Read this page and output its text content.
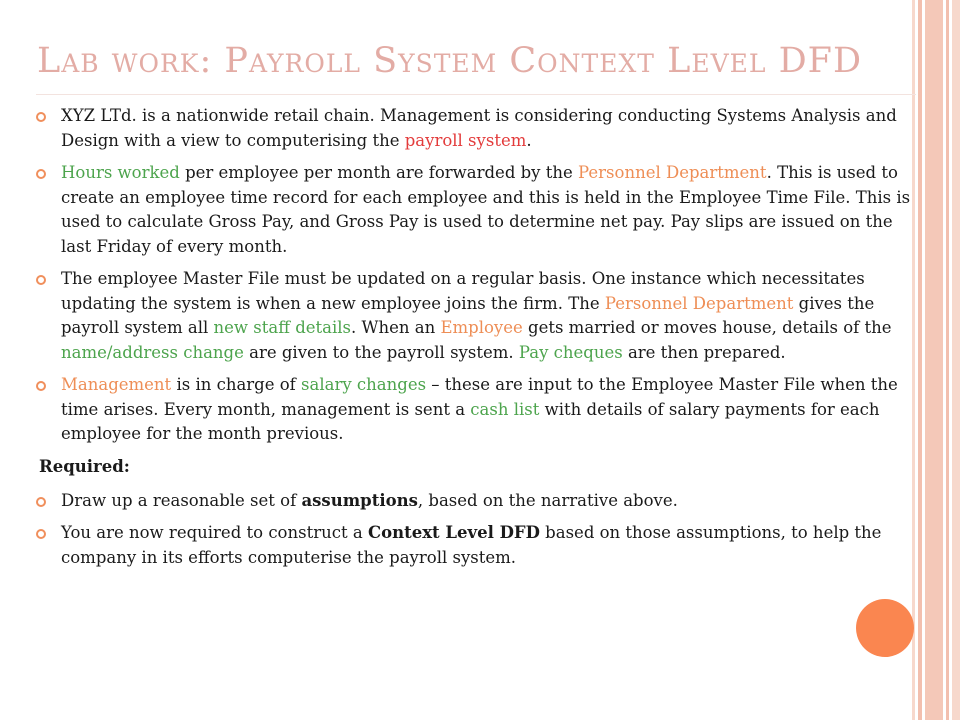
Lab work: Payroll System Context Level DFD
XYZ LTd. is a nationwide retail chain. Management is considering conducting Systems Analysis and Design with a view to computerising the payroll system.
Hours worked per employee per month are forwarded by the Personnel Department. This is used to create an employee time record for each employee and this is held in the Employee Time File. This is used to calculate Gross Pay, and Gross Pay is used to determine net pay. Pay slips are issued on the last Friday of every month.
The employee Master File must be updated on a regular basis. One instance which necessitates updating the system is when a new employee joins the firm. The Personnel Department gives the payroll system all new staff details. When an Employee gets married or moves house, details of the name/address change are given to the payroll system. Pay cheques are then prepared.
Management is in charge of salary changes – these are input to the Employee Master File when the time arises. Every month, management is sent a cash list with details of salary payments for each employee for the month previous.
Required:
Draw up a reasonable set of assumptions, based on the narrative above.
You are now required to construct a Context Level DFD based on those assumptions, to help the company in its efforts computerise the payroll system.
